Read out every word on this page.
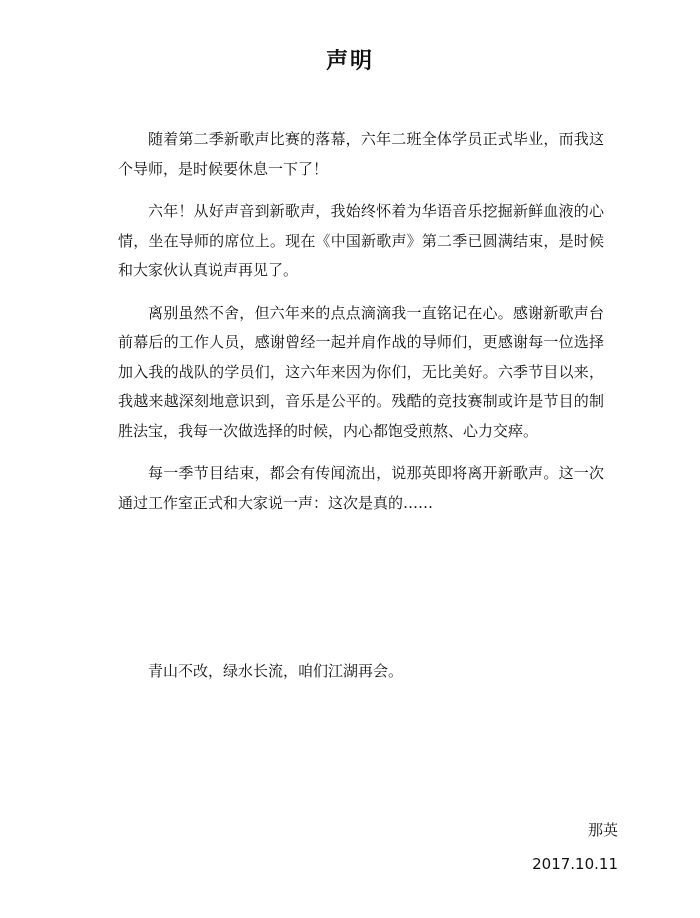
声明

随着第二季新歌声比赛的落幕，六年二班全体学员正式毕业，而我这个导师，是时候要休息一下了！

六年！从好声音到新歌声，我始终怀着为华语音乐挖掘新鲜血液的心情，坐在导师的席位上。现在《中国新歌声》第二季已圆满结束，是时候和大家伙认真说声再见了。

离别虽然不舍，但六年来的点点滴滴我一直铭记在心。感谢新歌声台前幕后的工作人员，感谢曾经一起并肩作战的导师们，更感谢每一位选择加入我的战队的学员们，这六年来因为你们，无比美好。六季节目以来，我越来越深刻地意识到，音乐是公平的。残酷的竞技赛制或许是节目的制胜法宝，我每一次做选择的时候，内心都饱受煎熬、心力交瘁。

每一季节目结束，都会有传闻流出，说那英即将离开新歌声。这一次通过工作室正式和大家说一声：这次是真的……

青山不改，绿水长流，咱们江湖再会。
那英
2017.10.11
